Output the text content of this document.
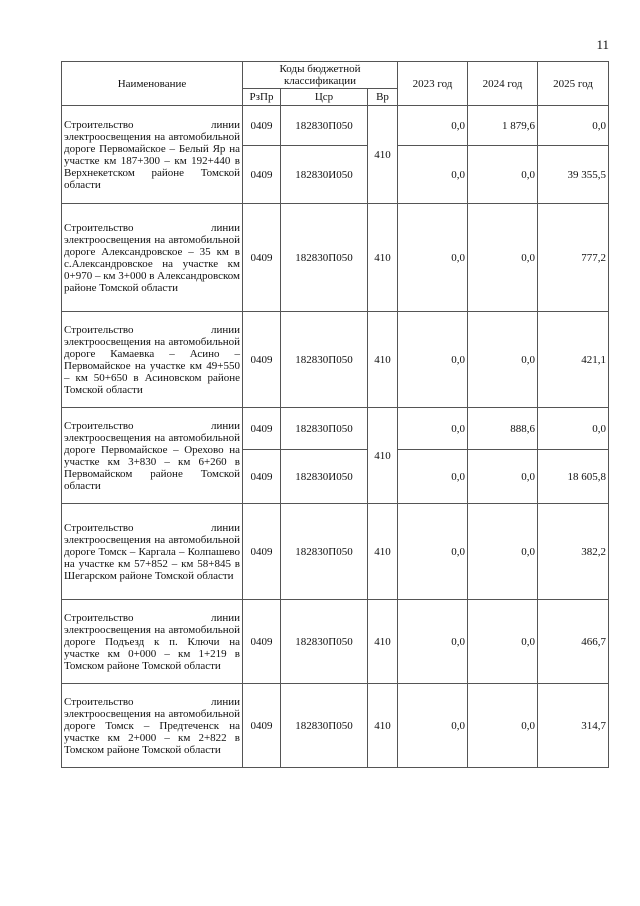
11
Наименование	Коды бюджетной классификации			2023 год	2024 год	2025 год
	РзПр	Цср	Вр			
Строительство линии электроосвещения на автомобильной дороге Первомайское – Белый Яр на участке км 187+300 – км 192+440 в Верхнекетском районе Томской области	0409	182830П050	410	0,0	1 879,6	0,0
	0409	182830И050		0,0	0,0	39 355,5
Строительство линии электроосвещения на автомобильной дороге Александровское – 35 км в с.Александровское на участке км 0+970 – км 3+000 в Александровском районе Томской области	0409	182830П050	410	0,0	0,0	777,2
Строительство линии электроосвещения на автомобильной дороге Камаевка – Асино – Первомайское на участке км 49+550 – км 50+650 в Асиновском районе Томской области	0409	182830П050	410	0,0	0,0	421,1
Строительство линии электроосвещения на автомобильной дороге Первомайское – Орехово на участке км 3+830 – км 6+260 в Первомайском районе Томской области	0409	182830П050	410	0,0	888,6	0,0
	0409	182830И050		0,0	0,0	18 605,8
Строительство линии электроосвещения на автомобильной дороге Томск – Каргала – Колпашево на участке км 57+852 – км 58+845 в Шегарском районе Томской области	0409	182830П050	410	0,0	0,0	382,2
Строительство линии электроосвещения на автомобильной дороге Подъезд к п. Ключи на участке км 0+000 – км 1+219 в Томском районе Томской области	0409	182830П050	410	0,0	0,0	466,7
Строительство линии электроосвещения на автомобильной дороге Томск – Предтеченск на участке км 2+000 – км 2+822 в Томском районе Томской области	0409	182830П050	410	0,0	0,0	314,7
